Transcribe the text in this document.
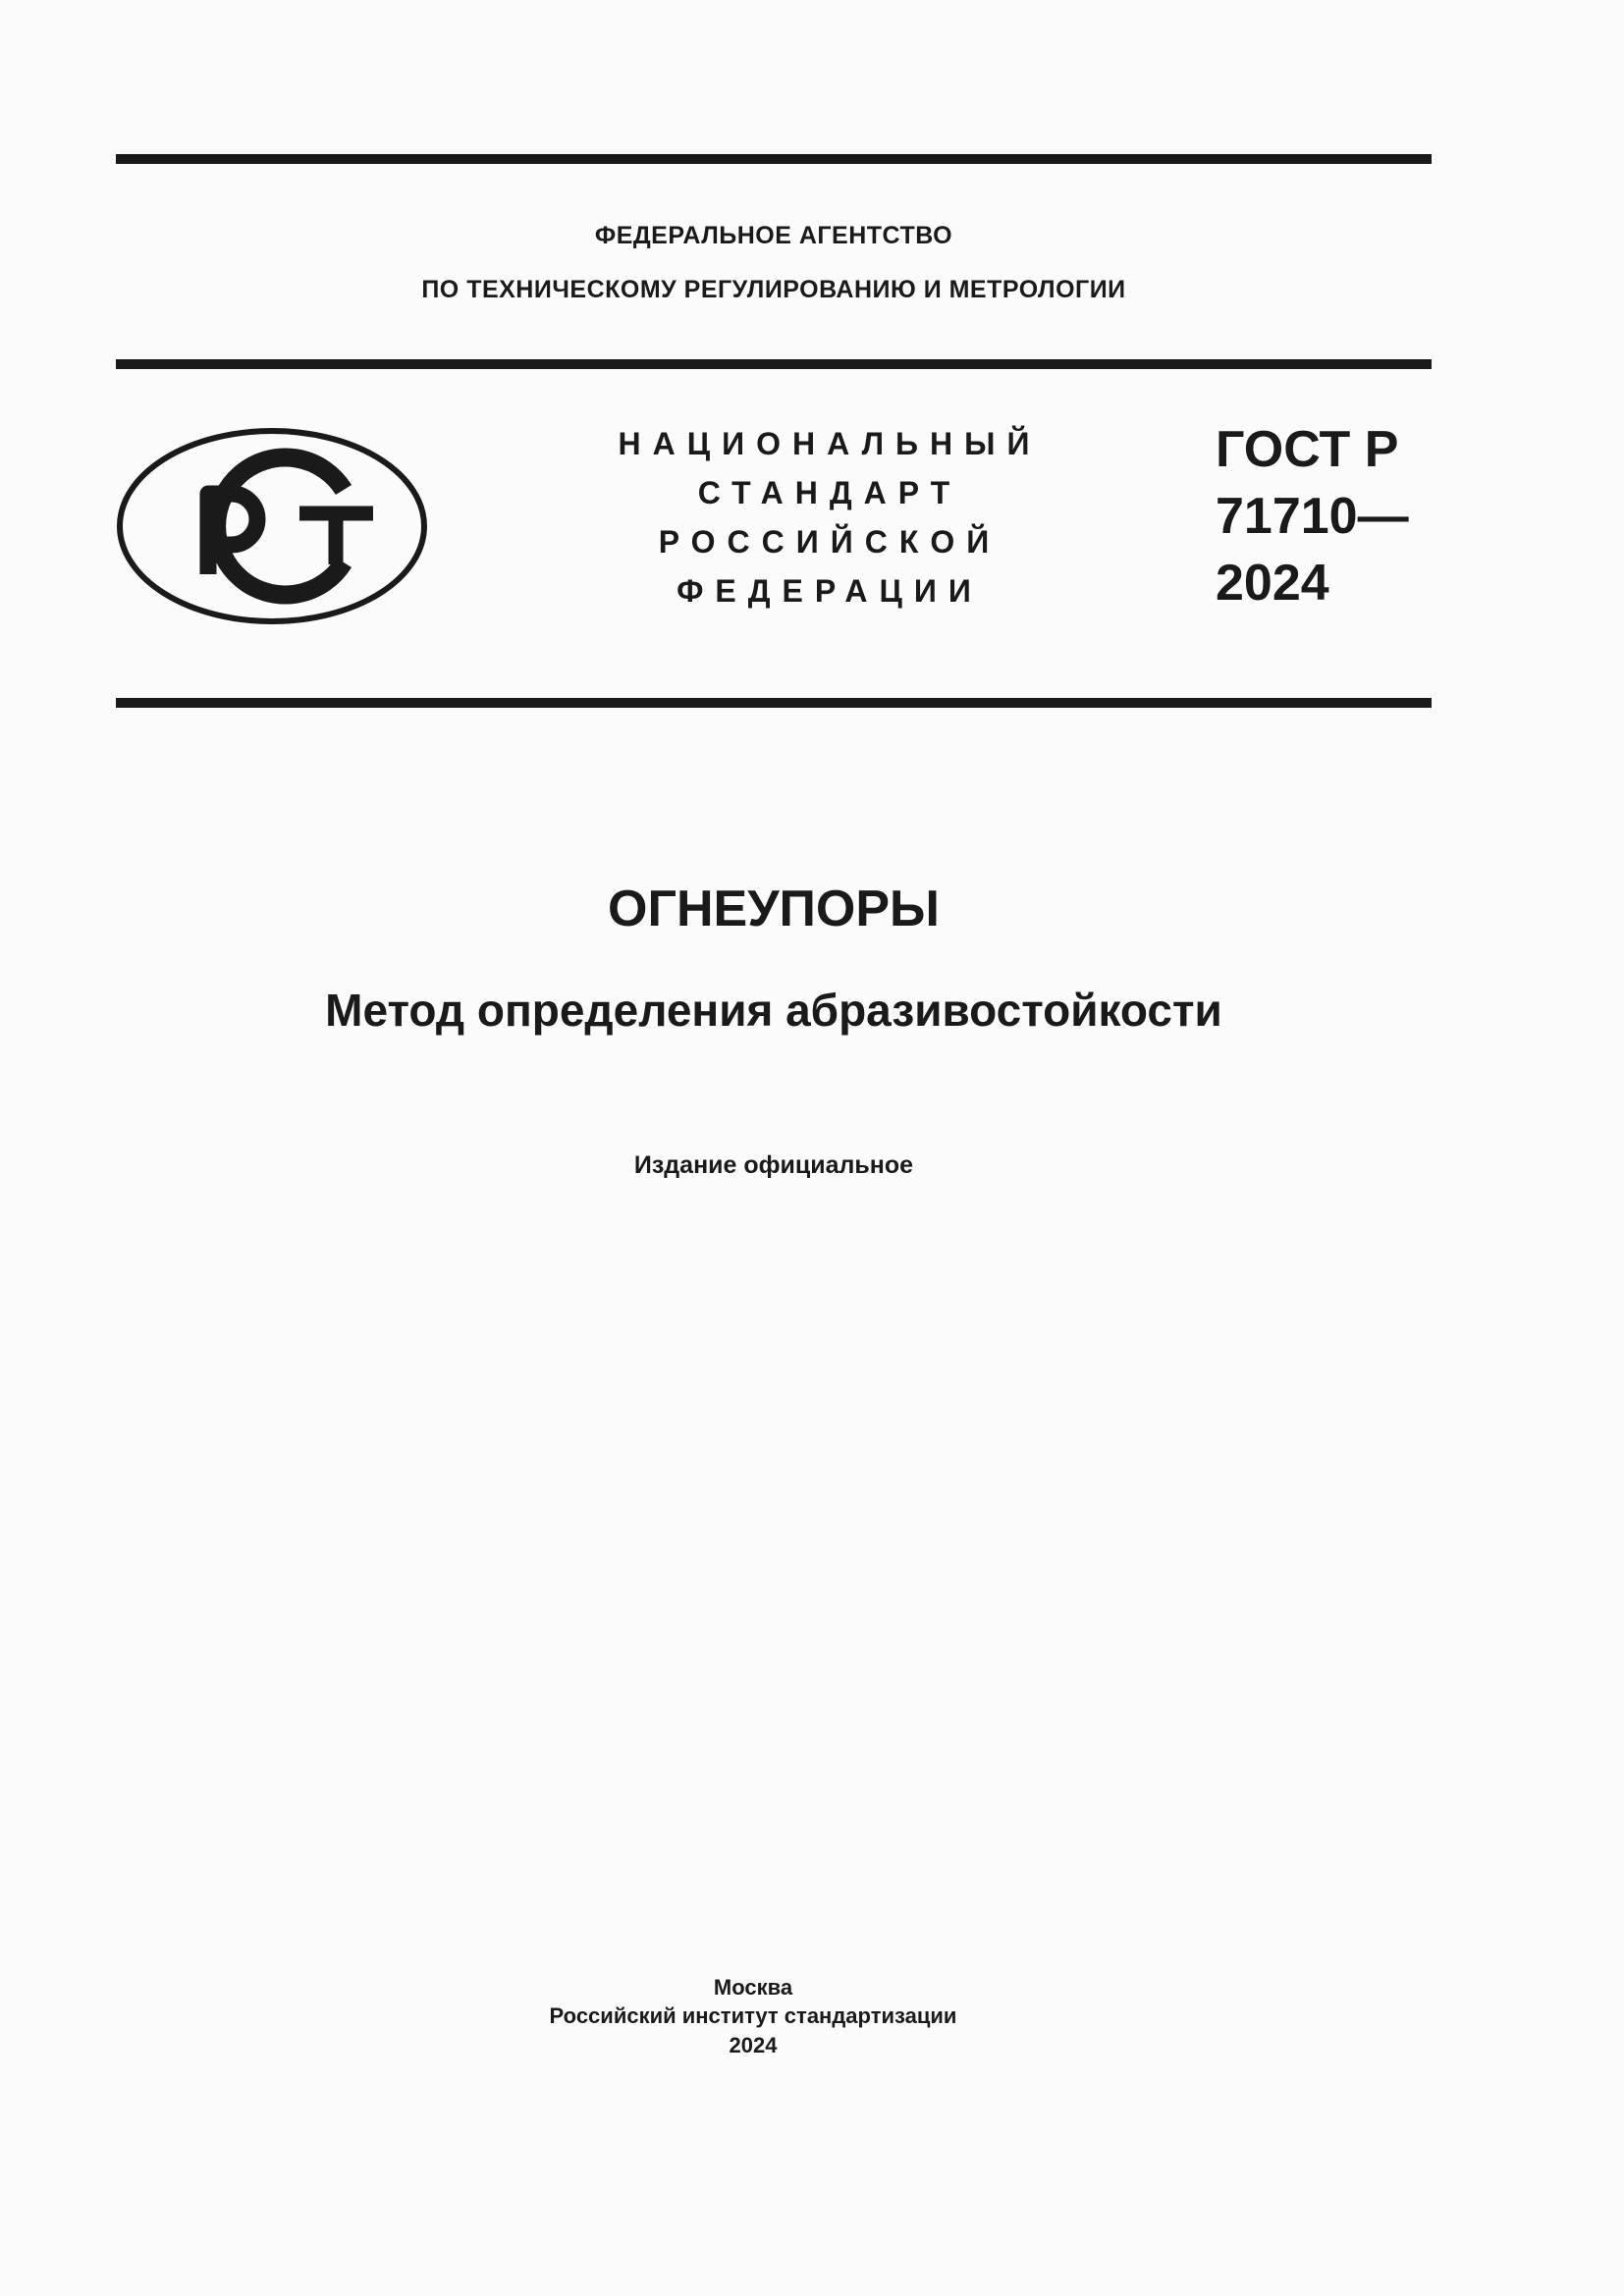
ФЕДЕРАЛЬНОЕ АГЕНТСТВО
ПО ТЕХНИЧЕСКОМУ РЕГУЛИРОВАНИЮ И МЕТРОЛОГИИ
НАЦИОНАЛЬНЫЙ
СТАНДАРТ
РОССИЙСКОЙ
ФЕДЕРАЦИИ
ГОСТ Р
71710—
2024
ОГНЕУПОРЫ
Метод определения абразивостойкости
Издание официальное
Москва
Российский институт стандартизации
2024
